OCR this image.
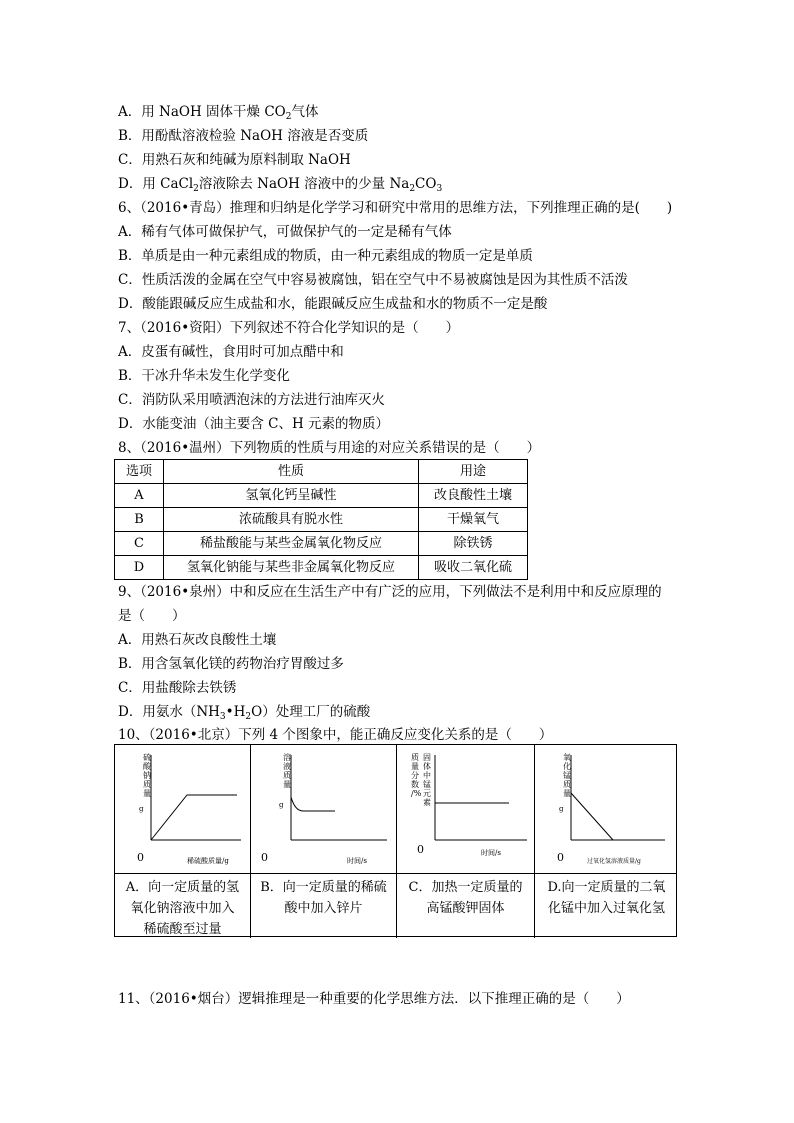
A．用 NaOH 固体干燥 $CO_2$气体
B．用酚酞溶液检验 NaOH 溶液是否变质
C．用熟石灰和纯碱为原料制取 NaOH
D．用 CaCl$_2$溶液除去 NaOH 溶液中的少量 $Na_2CO_3$
6、（2016•青岛）推理和归纳是化学学习和研究中常用的思维方法，下列推理正确的是(　　)
A．稀有气体可做保护气，可做保护气的一定是稀有气体
B．单质是由一种元素组成的物质，由一种元素组成的物质一定是单质
C．性质活泼的金属在空气中容易被腐蚀，铝在空气中不易被腐蚀是因为其性质不活泼
D．酸能跟碱反应生成盐和水，能跟碱反应生成盐和水的物质不一定是酸
7、（2016•资阳）下列叙述不符合化学知识的是（　　）
A．皮蛋有碱性，食用时可加点醋中和
B．干冰升华未发生化学变化
C．消防队采用喷洒泡沫的方法进行油库灭火
D．水能变油（油主要含 C、H 元素的物质）
8、（2016•温州）下列物质的性质与用途的对应关系错误的是（　　）
选项	性质	用途
A	氢氧化钙呈碱性	改良酸性土壤
B	浓硫酸具有脱水性	干燥氧气
C	稀盐酸能与某些金属氧化物反应	除铁锈
D	氢氧化钠能与某些非金属氧化物反应	吸收二氧化硫
9、（2016•泉州）中和反应在生活生产中有广泛的应用，下列做法不是利用中和反应原理的
是（　　）
A．用熟石灰改良酸性土壤
B．用含氢氧化镁的药物治疗胃酸过多
C．用盐酸除去铁锈
D．用氨水$(NH_3•H_2O)$处理工厂的硫酸
10、（2016•北京）下列 4 个图象中，能正确反应变化关系的是（　　）
硫酸钠质量
g
0	稀硫酸质量/g
溶液质量
g
0	时间/s
质量分数/%
固体中锰元素
0	时间/s
氧化锰质量
g
0	过氧化氢溶液质量/g
A．向一定质量的氢
氧化钠溶液中加入
稀硫酸至过量
B．向一定质量的稀硫
酸中加入锌片
C．加热一定质量的
高锰酸钾固体
D.向一定质量的二氧
化锰中加入过氧化氢
11、（2016•烟台）逻辑推理是一种重要的化学思维方法．以下推理正确的是（　　）
